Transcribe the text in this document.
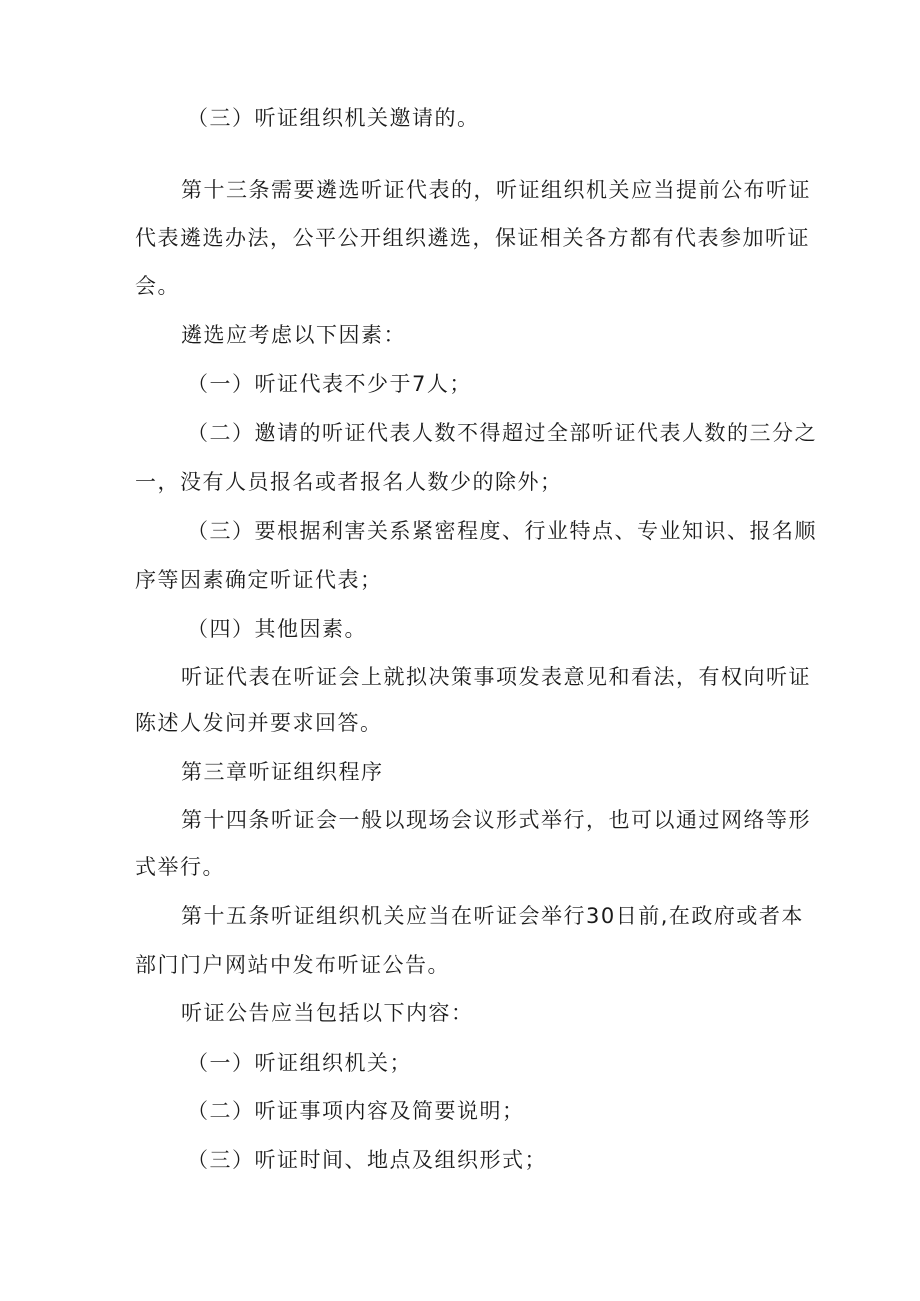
（三）听证组织机关邀请的。
第十三条需要遴选听证代表的，听证组织机关应当提前公布听证
代表遴选办法，公平公开组织遴选，保证相关各方都有代表参加听证
会。
遴选应考虑以下因素：
（一）听证代表不少于7人；
（二）邀请的听证代表人数不得超过全部听证代表人数的三分之
一，没有人员报名或者报名人数少的除外；
（三）要根据利害关系紧密程度、行业特点、专业知识、报名顺
序等因素确定听证代表；
（四）其他因素。
听证代表在听证会上就拟决策事项发表意见和看法，有权向听证
陈述人发问并要求回答。
第三章听证组织程序
第十四条听证会一般以现场会议形式举行，也可以通过网络等形
式举行。
第十五条听证组织机关应当在听证会举行30日前,在政府或者本
部门门户网站中发布听证公告。
听证公告应当包括以下内容：
（一）听证组织机关；
（二）听证事项内容及简要说明；
（三）听证时间、地点及组织形式；
